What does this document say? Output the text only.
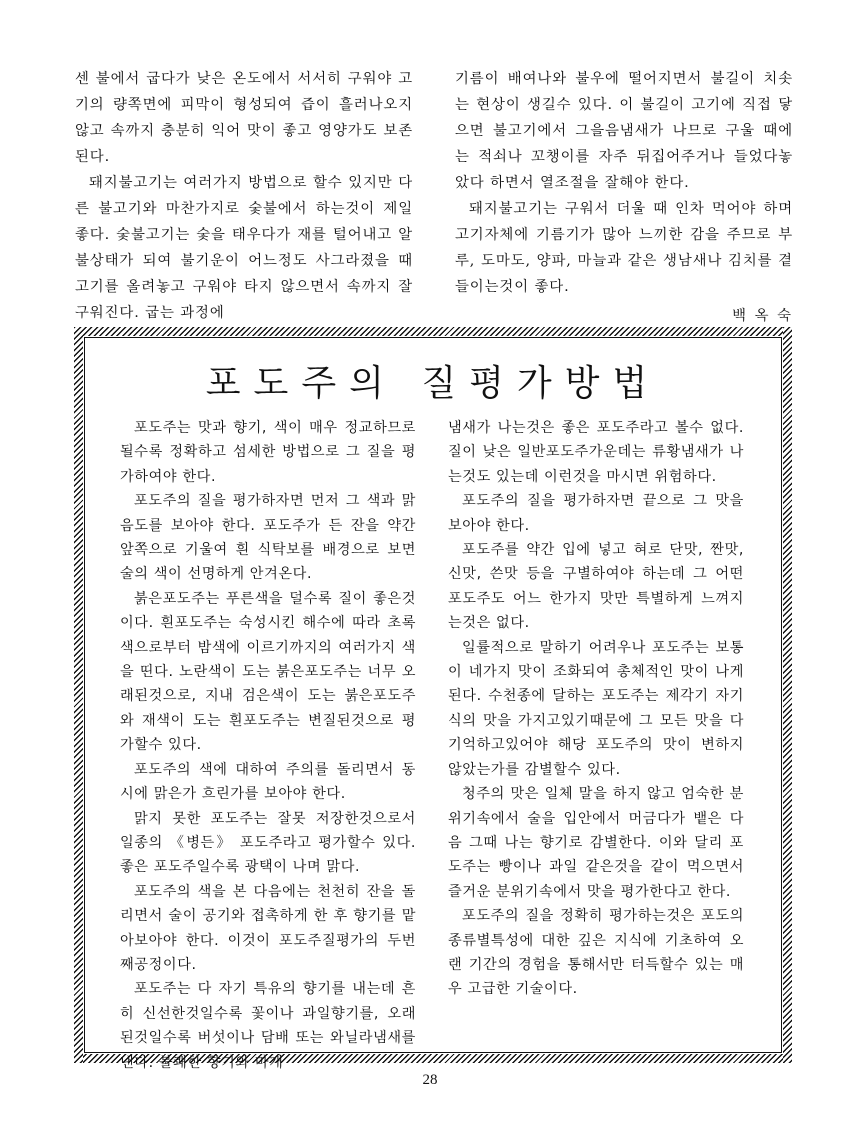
센 불에서 굽다가 낮은 온도에서 서서히 구워야 고기의 량쪽면에 피막이 형성되여 즙이 흘러나오지 않고 속까지 충분히 익어 맛이 좋고 영양가도 보존된다.

돼지불고기는 여러가지 방법으로 할수 있지만 다른 불고기와 마찬가지로 숯불에서 하는것이 제일 좋다. 숯불고기는 숯을 태우다가 재를 털어내고 알불상태가 되여 불기운이 어느정도 사그라졌을 때 고기를 올려놓고 구워야 타지 않으면서 속까지 잘 구워진다. 굽는 과정에

기름이 배여나와 불우에 떨어지면서 불길이 치솟는 현상이 생길수 있다. 이 불길이 고기에 직접 닿으면 불고기에서 그을음냄새가 나므로 구울 때에는 적쇠나 꼬챙이를 자주 뒤집어주거나 들었다놓았다 하면서 열조절을 잘해야 한다.

돼지불고기는 구워서 더울 때 인차 먹어야 하며 고기자체에 기름기가 많아 느끼한 감을 주므로 부루, 도마도, 양파, 마늘과 같은 생남새나 김치를 곁들이는것이 좋다.

백 옥 숙
포도주의 질평가방법

포도주는 맛과 향기, 색이 매우 정교하므로 될수록 정확하고 섬세한 방법으로 그 질을 평가하여야 한다.

포도주의 질을 평가하자면 먼저 그 색과 맑음도를 보아야 한다. 포도주가 든 잔을 약간 앞쪽으로 기울여 흰 식탁보를 배경으로 보면 술의 색이 선명하게 안겨온다.

붉은포도주는 푸른색을 덜수록 질이 좋은것이다. 흰포도주는 숙성시킨 해수에 따라 초록색으로부터 밤색에 이르기까지의 여러가지 색을 띤다. 노란색이 도는 붉은포도주는 너무 오래된것으로, 지내 검은색이 도는 붉은포도주와 재색이 도는 흰포도주는 변질된것으로 평가할수 있다.

포도주의 색에 대하여 주의를 돌리면서 동시에 맑은가 흐린가를 보아야 한다.

맑지 못한 포도주는 잘못 저장한것으로서 일종의 《병든》 포도주라고 평가할수 있다. 좋은 포도주일수록 광택이 나며 맑다.

포도주의 색을 본 다음에는 천천히 잔을 돌리면서 술이 공기와 접촉하게 한 후 향기를 맡아보아야 한다. 이것이 포도주질평가의 두번째공정이다.

포도주는 다 자기 특유의 향기를 내는데 흔히 신선한것일수록 꽃이나 과일향기를, 오래된것일수록 버섯이나 담배 또는 와닐라냄새를 낸다. 불쾌한 향기와 마개

냄새가 나는것은 좋은 포도주라고 볼수 없다. 질이 낮은 일반포도주가운데는 류황냄새가 나는것도 있는데 이런것을 마시면 위험하다.

포도주의 질을 평가하자면 끝으로 그 맛을 보아야 한다.

포도주를 약간 입에 넣고 혀로 단맛, 짠맛, 신맛, 쓴맛 등을 구별하여야 하는데 그 어떤 포도주도 어느 한가지 맛만 특별하게 느껴지는것은 없다.

일률적으로 말하기 어려우나 포도주는 보통 이 네가지 맛이 조화되여 총체적인 맛이 나게 된다. 수천종에 달하는 포도주는 제각기 자기 식의 맛을 가지고있기때문에 그 모든 맛을 다 기억하고있어야 해당 포도주의 맛이 변하지 않았는가를 감별할수 있다.

청주의 맛은 일체 말을 하지 않고 엄숙한 분위기속에서 술을 입안에서 머금다가 뱉은 다음 그때 나는 향기로 감별한다. 이와 달리 포도주는 빵이나 과일 같은것을 같이 먹으면서 즐거운 분위기속에서 맛을 평가한다고 한다.

포도주의 질을 정확히 평가하는것은 포도의 종류별특성에 대한 깊은 지식에 기초하여 오랜 기간의 경험을 통해서만 터득할수 있는 매우 고급한 기술이다.

28
